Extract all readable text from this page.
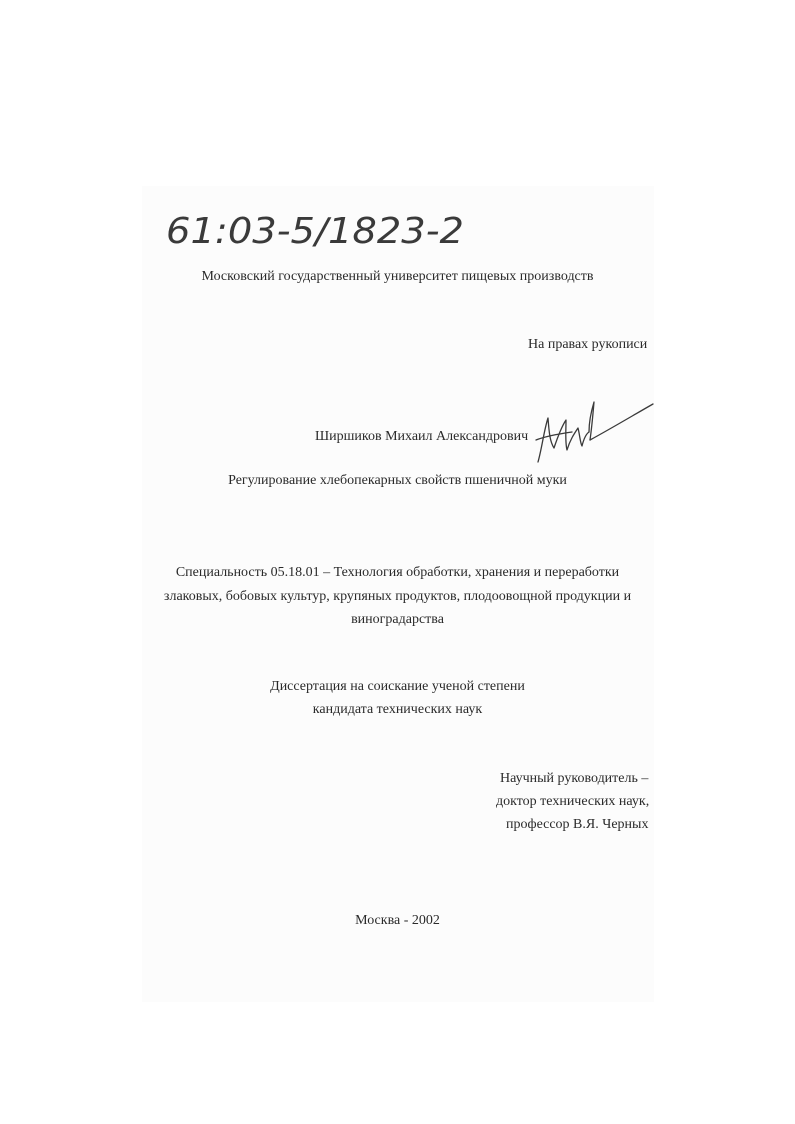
61:03-5/1823-2
Московский государственный университет пищевых производств
На правах рукописи
Ширшиков Михаил Александрович
Регулирование хлебопекарных свойств пшеничной муки
Специальность 05.18.01 – Технология обработки, хранения и переработки
злаковых, бобовых культур, крупяных продуктов, плодоовощной продукции и
виноградарства
Диссертация на соискание ученой степени
кандидата технических наук
Научный руководитель –
доктор технических наук,
профессор В.Я. Черных
Москва - 2002
